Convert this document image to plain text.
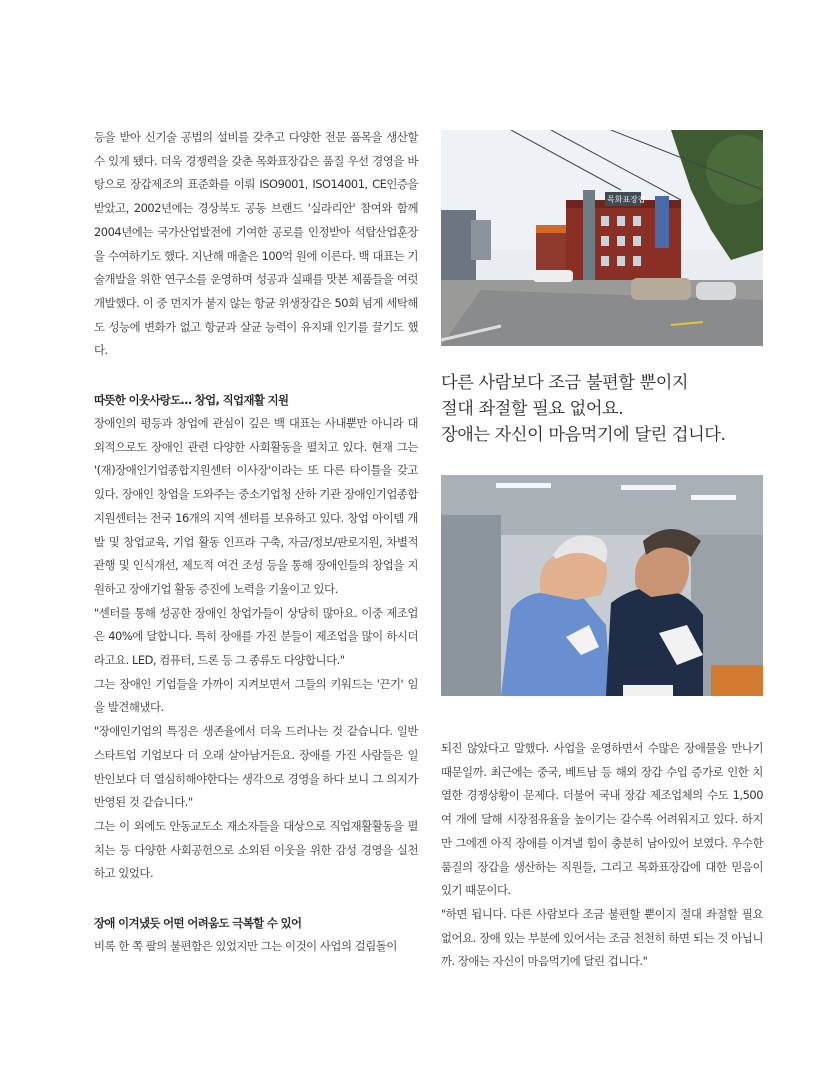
등을 받아 신기술 공법의 설비를 갖추고 다양한 전문 품목을 생산할 수 있게 됐다. 더욱 경쟁력을 갖춘 목화표장갑은 품질 우선 경영을 바탕으로 장갑제조의 표준화를 이뤄 ISO9001, ISO14001, CE인증을 받았고, 2002년에는 경상북도 공동 브랜드 '실라리안' 참여와 함께 2004년에는 국가산업발전에 기여한 공로를 인정받아 석탑산업훈장을 수여하기도 했다. 지난해 매출은 100억 원에 이른다. 백 대표는 기술개발을 위한 연구소를 운영하며 성공과 실패를 맛본 제품들을 여럿 개발했다. 이 중 먼지가 붙지 않는 항균 위생장갑은 50회 넘게 세탁해도 성능에 변화가 없고 항균과 살균 능력이 유지돼 인기를 끌기도 했다.

따뜻한 이웃사랑도… 창업, 직업재활 지원

장애인의 평등과 창업에 관심이 깊은 백 대표는 사내뿐만 아니라 대외적으로도 장애인 관련 다양한 사회활동을 펼치고 있다. 현재 그는 '(재)장애인기업종합지원센터 이사장'이라는 또 다른 타이틀을 갖고 있다. 장애인 창업을 도와주는 중소기업청 산하 기관 장애인기업종합지원센터는 전국 16개의 지역 센터를 보유하고 있다. 창업 아이템 개발 및 창업교육, 기업 활동 인프라 구축, 자금/정보/판로지원, 차별적 관행 및 인식개선, 제도적 여건 조성 등을 통해 장애인들의 창업을 지원하고 장애기업 활동 증진에 노력을 기울이고 있다.

"센터를 통해 성공한 장애인 창업가들이 상당히 많아요. 이중 제조업은 40%에 달합니다. 특히 장애를 가진 분들이 제조업을 많이 하시더라고요. LED, 컴퓨터, 드론 등 그 종류도 다양합니다."

그는 장애인 기업들을 가까이 지켜보면서 그들의 키워드는 '끈기' 임을 발견해냈다.

"장애인기업의 특징은 생존율에서 더욱 드러나는 것 같습니다. 일반 스타트업 기업보다 더 오래 살아남거든요. 장애를 가진 사람들은 일반인보다 더 열심히해야한다는 생각으로 경영을 하다 보니 그 의지가 반영된 것 같습니다."

그는 이 외에도 안동교도소 재소자들을 대상으로 직업재활활동을 펼치는 등 다양한 사회공헌으로 소외된 이웃을 위한 감성 경영을 실천하고 있었다.

장애 이겨냈듯 어떤 어려움도 극복할 수 있어

비록 한 쪽 팔의 불편함은 있었지만 그는 이것이 사업의 걸림돌이

목화표장갑
다른 사람보다 조금 불편할 뿐이지
절대 좌절할 필요 없어요.
장애는 자신이 마음먹기에 달린 겁니다.

되진 않았다고 말했다. 사업을 운영하면서 수많은 장애물을 만나기 때문일까. 최근에는 중국, 베트남 등 해외 장갑 수입 증가로 인한 치열한 경쟁상황이 문제다. 더불어 국내 장갑 제조업체의 수도 1,500여 개에 달해 시장점유율을 높이기는 갈수록 어려워지고 있다. 하지만 그에겐 아직 장애를 이겨낼 힘이 충분히 남아있어 보였다. 우수한 품질의 장갑을 생산하는 직원들, 그리고 목화표장갑에 대한 믿음이 있기 때문이다.

"하면 됩니다. 다른 사람보다 조금 불편할 뿐이지 절대 좌절할 필요 없어요. 장애 있는 부분에 있어서는 조금 천천히 하면 되는 것 아닙니까. 장애는 자신이 마음먹기에 달린 겁니다."
